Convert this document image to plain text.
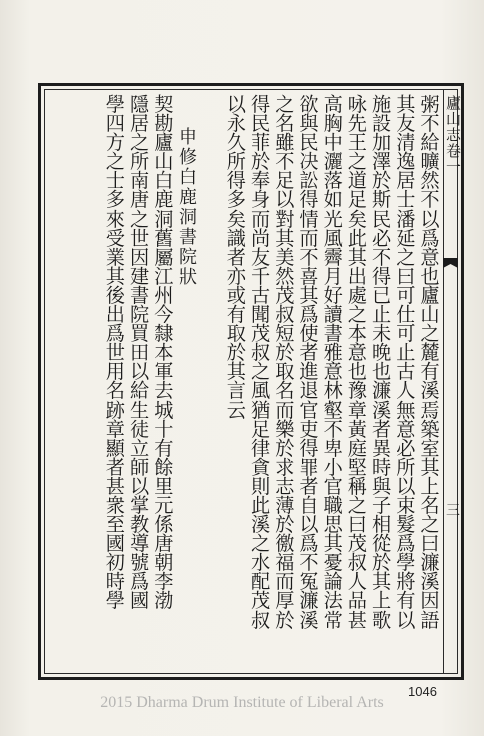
廬
山
志
卷
一
三
粥
不
給
曠
然
不
以
爲
意
也
廬
山
之
麓
有
溪
焉
築
室
其
上
名
之
曰
濂
溪
因
語
其
友
清
逸
居
士
潘
延
之
曰
可
仕
可
止
古
人
無
意
必
所
以
束
髮
爲
學
將
有
以
施
設
加
澤
於
斯
民
必
不
得
已
止
未
晚
也
濂
溪
者
異
時
與
子
相
從
於
其
上
歌
咏
先
王
之
道
足
矣
此
其
出
處
之
本
意
也
豫
章
黃
庭
堅
稱
之
曰
茂
叔
人
品
甚
高
胸
中
灑
落
如
光
風
霽
月
好
讀
書
雅
意
林
壑
不
卑
小
官
職
思
其
憂
論
法
常
欲
與
民
决
訟
得
情
而
不
喜
其
爲
使
者
進
退
官
吏
得
罪
者
自
以
爲
不
冤
濂
溪
之
名
雖
不
足
以
對
其
美
然
茂
叔
短
於
取
名
而
樂
於
求
志
薄
於
徼
福
而
厚
於
得
民
菲
於
奉
身
而
尚
友
千
古
聞
茂
叔
之
風
猶
足
律
貪
則
此
溪
之
水
配
茂
叔
以
永
久
所
得
多
矣
識
者
亦
或
有
取
於
其
言
云
申
修
白
鹿
洞
書
院
狀
契
勘
廬
山
白
鹿
洞
舊
屬
江
州
今
隸
本
軍
去
城
十
有
餘
里
元
係
唐
朝
李
渤
隱
居
之
所
南
唐
之
世
因
建
書
院
買
田
以
給
生
徒
立
師
以
掌
教
導
號
爲
國
學
四
方
之
士
多
來
受
業
其
後
出
爲
世
用
名
跡
章
顯
者
甚
衆
至
國
初
時
學
1046
2015 Dharma Drum Institute of Liberal Arts
